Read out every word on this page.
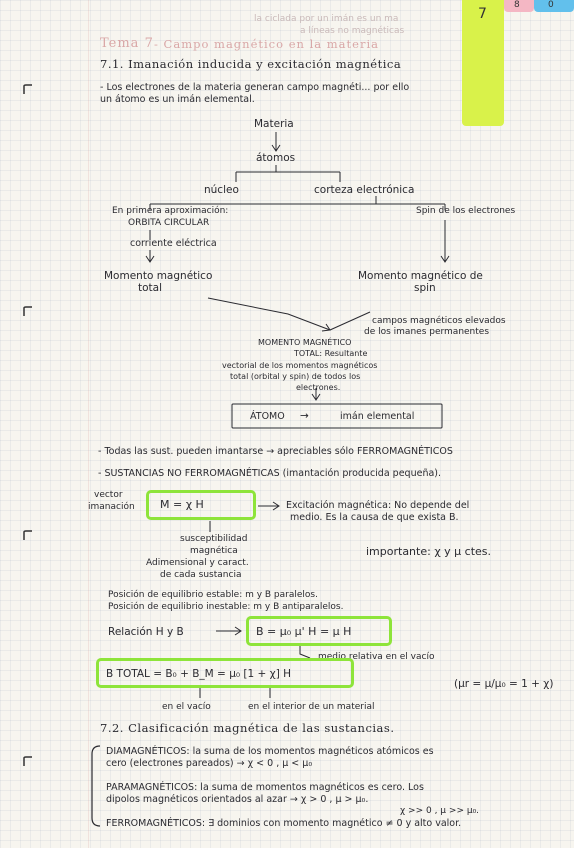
7
8	0
la ciclada por un imán es un ma
a líneas no magnéticas
Tema 7 - Campo magnético en la materia
7.1. Imanación inducida y excitación magnética
- Los electrones de la materia generan campo magnéti... por ello
un átomo es un imán elemental.
Materia
átomos
núcleo	corteza electrónica
En primera aproximación:
ORBITA CIRCULAR
Spin de los electrones
corriente eléctrica
Momento magnético
total
Momento magnético de
spin
campos magnéticos elevados
de los imanes permanentes
MOMENTO MAGNÉTICO
TOTAL: Resultante
vectorial de los momentos magnéticos
total (orbital y spin) de todos los
electrones.
ÁTOMO →	imán elemental
- Todas las sust. pueden imantarse → apreciables sólo FERROMAGNÉTICOS
- SUSTANCIAS NO FERROMAGNÉTICAS (imantación producida pequeña).
vector
imanación M = χ H	Excitación magnética: No depende del
medio. Es la causa de que exista B.
susceptibilidad
magnética
Adimensional y caract.
de cada sustancia
importante: χ y μ ctes.
Posición de equilibrio estable: m y B paralelos.
Posición de equilibrio inestable: m y B antiparalelos.
Relación H y B	B = μ₀ μ' H = μ H
medio relativa en el vacío
B TOTAL = B₀ + B_M = μ₀ [1 + χ] H
(μr = μ/μ₀ = 1 + χ)
en el vacío	en el interior de un material
7.2. Clasificación magnética de las sustancias.
DIAMAGNÉTICOS: la suma de los momentos magnéticos atómicos es
cero (electrones pareados) → χ < 0 , μ < μ₀
PARAMAGNÉTICOS: la suma de momentos magnéticos es cero. Los
dipolos magnéticos orientados al azar → χ > 0 , μ > μ₀.
χ >> 0 , μ >> μ₀.
FERROMAGNÉTICOS: ∃ dominios con momento magnético ≠ 0 y alto valor.
